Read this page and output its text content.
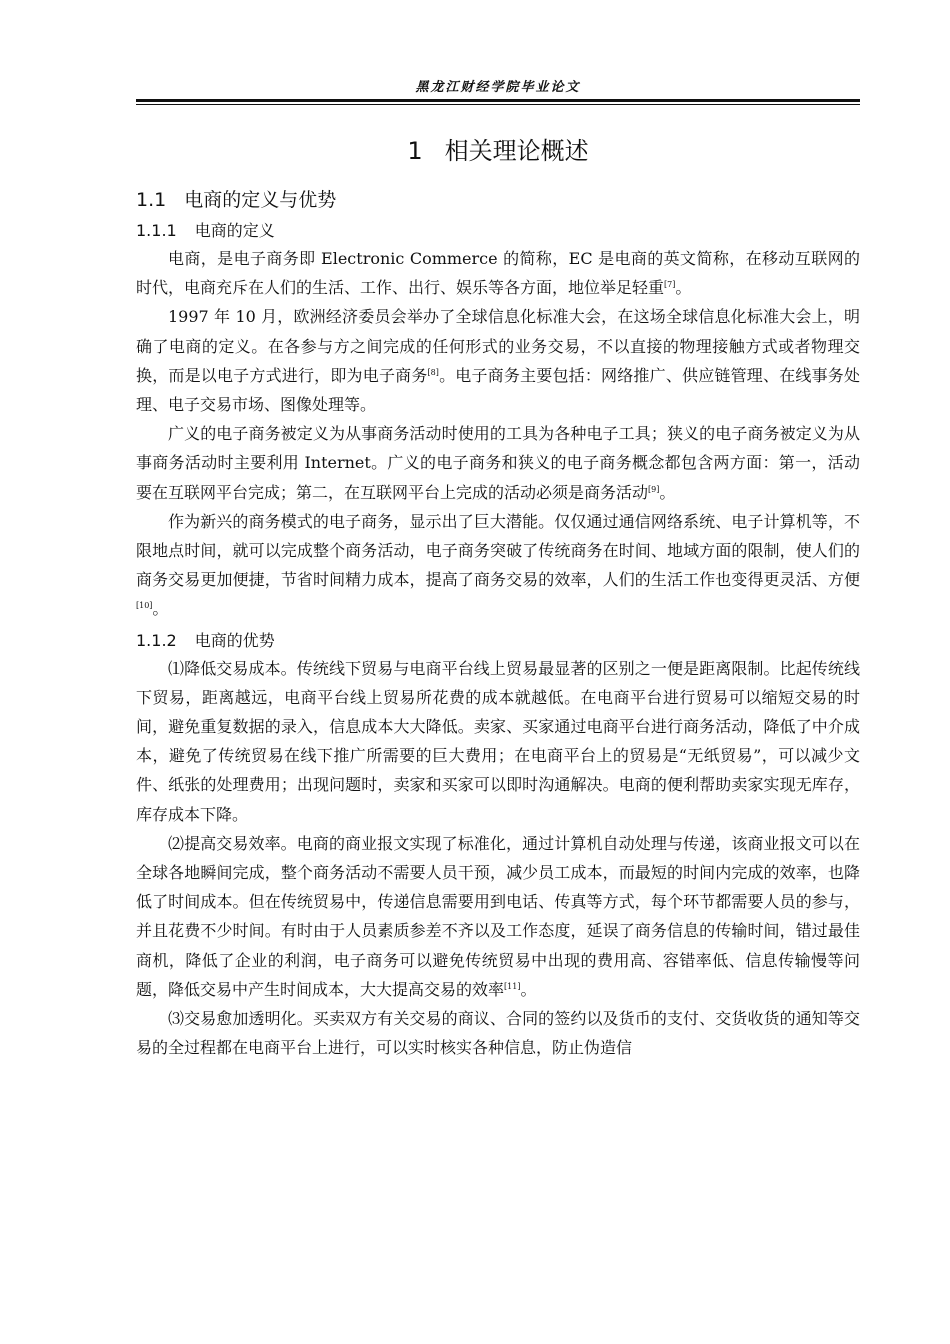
黑龙江财经学院毕业论文
1 相关理论概述
1.1 电商的定义与优势
1.1.1 电商的定义

电商，是电子商务即 Electronic Commerce 的简称，EC 是电商的英文简称，在移动互联网的时代，电商充斥在人们的生活、工作、出行、娱乐等各方面，地位举足轻重[7]。

1997 年 10 月，欧洲经济委员会举办了全球信息化标准大会，在这场全球信息化标准大会上，明确了电商的定义。在各参与方之间完成的任何形式的业务交易，不以直接的物理接触方式或者物理交换，而是以电子方式进行，即为电子商务[8]。电子商务主要包括：网络推广、供应链管理、在线事务处理、电子交易市场、图像处理等。

广义的电子商务被定义为从事商务活动时使用的工具为各种电子工具；狭义的电子商务被定义为从事商务活动时主要利用 Internet。广义的电子商务和狭义的电子商务概念都包含两方面：第一，活动要在互联网平台完成；第二，在互联网平台上完成的活动必须是商务活动[9]。

作为新兴的商务模式的电子商务，显示出了巨大潜能。仅仅通过通信网络系统、电子计算机等，不限地点时间，就可以完成整个商务活动，电子商务突破了传统商务在时间、地域方面的限制，使人们的商务交易更加便捷，节省时间精力成本，提高了商务交易的效率，人们的生活工作也变得更灵活、方便[10]。

1.1.2 电商的优势

⑴降低交易成本。传统线下贸易与电商平台线上贸易最显著的区别之一便是距离限制。比起传统线下贸易，距离越远，电商平台线上贸易所花费的成本就越低。在电商平台进行贸易可以缩短交易的时间，避免重复数据的录入，信息成本大大降低。卖家、买家通过电商平台进行商务活动，降低了中介成本，避免了传统贸易在线下推广所需要的巨大费用；在电商平台上的贸易是“无纸贸易”，可以减少文件、纸张的处理费用；出现问题时，卖家和买家可以即时沟通解决。电商的便利帮助卖家实现无库存，库存成本下降。

⑵提高交易效率。电商的商业报文实现了标准化，通过计算机自动处理与传递，该商业报文可以在全球各地瞬间完成，整个商务活动不需要人员干预，减少员工成本，而最短的时间内完成的效率，也降低了时间成本。但在传统贸易中，传递信息需要用到电话、传真等方式，每个环节都需要人员的参与，并且花费不少时间。有时由于人员素质参差不齐以及工作态度，延误了商务信息的传输时间，错过最佳商机，降低了企业的利润，电子商务可以避免传统贸易中出现的费用高、容错率低、信息传输慢等问题，降低交易中产生时间成本，大大提高交易的效率[11]。

⑶交易愈加透明化。买卖双方有关交易的商议、合同的签约以及货币的支付、交货收货的通知等交易的全过程都在电商平台上进行，可以实时核实各种信息，防止伪造信
